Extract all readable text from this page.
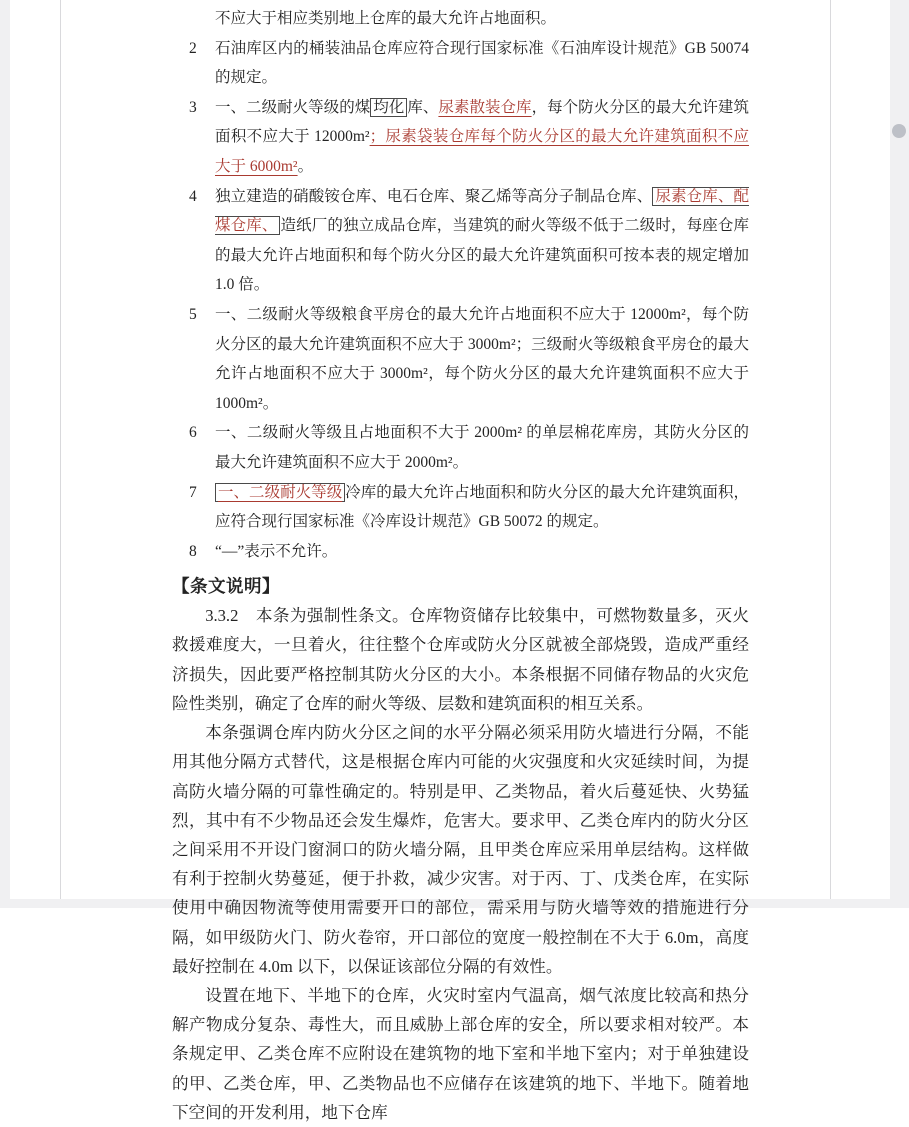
不应大于相应类别地上仓库的最大允许占地面积。
2	石油库区内的桶装油品仓库应符合现行国家标准《石油库设计规范》GB 50074 的规定。
3	一、二级耐火等级的煤 均化 库、尿素散装仓库，每个防火分区的最大允许建筑面积不应大于 12000m²；尿素袋装仓库每个防火分区的最大允许建筑面积不应大于 6000m²。
4	独立建造的硝酸铵仓库、电石仓库、聚乙烯等高分子制品仓库、 尿素仓库、配煤仓库、 造纸厂的独立成品仓库，当建筑的耐火等级不低于二级时，每座仓库的最大允许占地面积和每个防火分区的最大允许建筑面积可按本表的规定增加 1.0 倍。
5	一、二级耐火等级粮食平房仓的最大允许占地面积不应大于 12000m²，每个防火分区的最大允许建筑面积不应大于 3000m²；三级耐火等级粮食平房仓的最大允许占地面积不应大于 3000m²，每个防火分区的最大允许建筑面积不应大于 1000m²。
6	一、二级耐火等级且占地面积不大于 2000m² 的单层棉花库房，其防火分区的最大允许建筑面积不应大于 2000m²。
7	一、二级耐火等级 冷库的最大允许占地面积和防火分区的最大允许建筑面积，应符合现行国家标准《冷库设计规范》GB 50072 的规定。
8	“—”表示不允许。
【条文说明】

3.3.2　本条为强制性条文。仓库物资储存比较集中，可燃物数量多，灭火救援难度大，一旦着火，往往整个仓库或防火分区就被全部烧毁，造成严重经济损失，因此要严格控制其防火分区的大小。本条根据不同储存物品的火灾危险性类别，确定了仓库的耐火等级、层数和建筑面积的相互关系。

本条强调仓库内防火分区之间的水平分隔必须采用防火墙进行分隔，不能用其他分隔方式替代，这是根据仓库内可能的火灾强度和火灾延续时间，为提高防火墙分隔的可靠性确定的。特别是甲、乙类物品，着火后蔓延快、火势猛烈，其中有不少物品还会发生爆炸，危害大。要求甲、乙类仓库内的防火分区之间采用不开设门窗洞口的防火墙分隔，且甲类仓库应采用单层结构。这样做有利于控制火势蔓延，便于扑救，减少灾害。对于丙、丁、戊类仓库，在实际使用中确因物流等使用需要开口的部位，需采用与防火墙等效的措施进行分隔，如甲级防火门、防火卷帘，开口部位的宽度一般控制在不大于 6.0m，高度最好控制在 4.0m 以下，以保证该部位分隔的有效性。

设置在地下、半地下的仓库，火灾时室内气温高，烟气浓度比较高和热分解产物成分复杂、毒性大，而且威胁上部仓库的安全，所以要求相对较严。本条规定甲、乙类仓库不应附设在建筑物的地下室和半地下室内；对于单独建设的甲、乙类仓库，甲、乙类物品也不应储存在该建筑的地下、半地下。随着地下空间的开发利用，地下仓库
